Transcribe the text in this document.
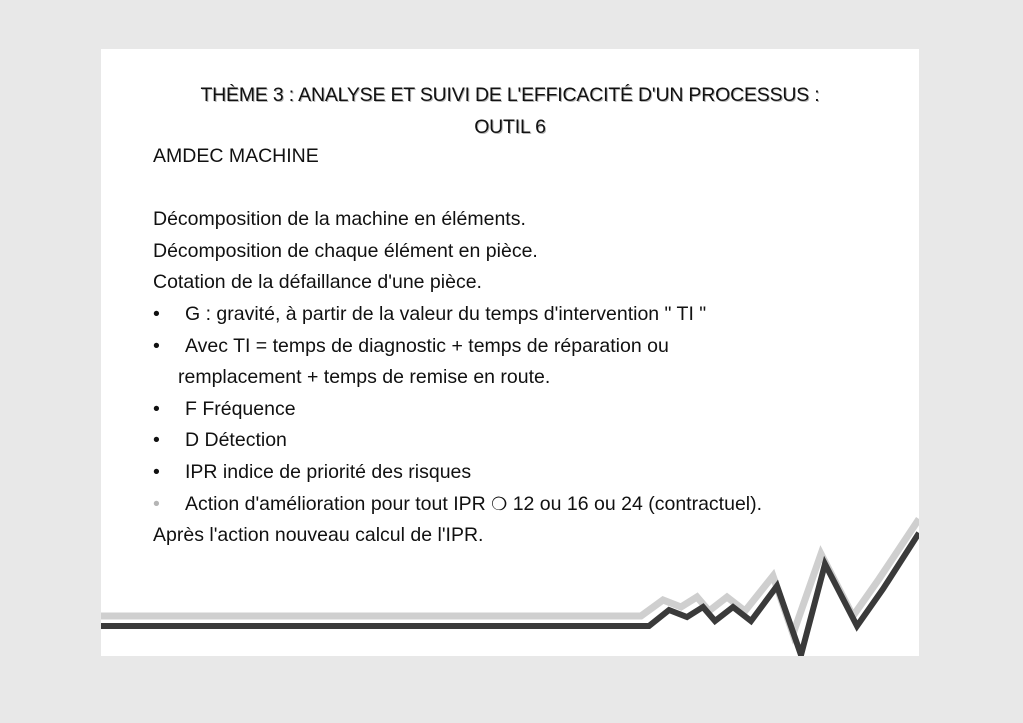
THÈME 3 : ANALYSE ET SUIVI DE L'EFFICACITÉ D'UN PROCESSUS :
OUTIL 6
AMDEC MACHINE
Décomposition de la machine en éléments.
Décomposition de chaque élément en pièce.
Cotation de la défaillance d'une pièce.
•	G : gravité, à partir de la valeur du temps d'intervention " TI "
•	Avec TI = temps de diagnostic + temps de réparation ou
remplacement + temps de remise en route.
•	F Fréquence
•	D Détection
•	IPR indice de priorité des risques
•	Action d'amélioration pour tout IPR ❍ 12 ou 16 ou 24 (contractuel).
Après l'action nouveau calcul de l'IPR.
